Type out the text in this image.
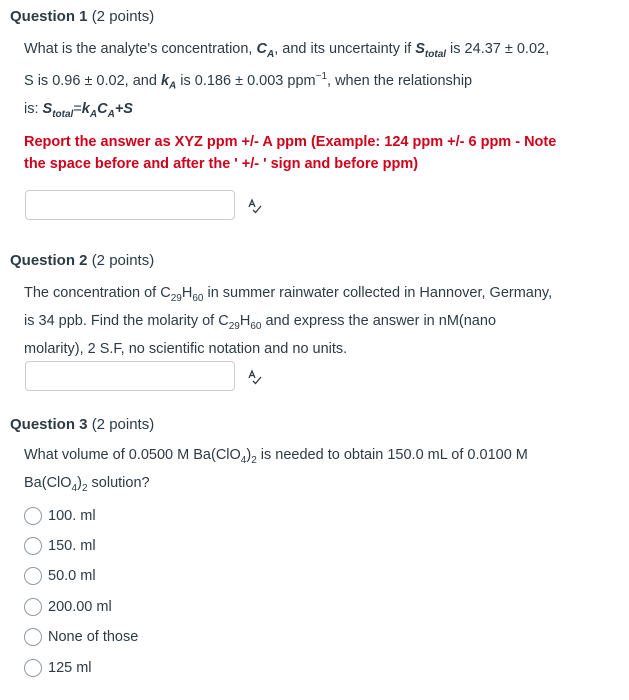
Question 1 (2 points)
What is the analyte's concentration, $C_A$, and its uncertainty if $S_{total}$ is 24.37 ± 0.02,
S is 0.96 ± 0.02, and $k_A$ is 0.186 ± 0.003 ppm$^{-1}$, when the relationship
is: $S_{total}=k_AC_A+S$
Report the answer as XYZ ppm +/- A ppm (Example: 124 ppm +/- 6 ppm - Note
the space before and after the ' +/- ' sign and before ppm)
Question 2 (2 points)
The concentration of $C_{29}H_{60}$ in summer rainwater collected in Hannover, Germany,
is 34 ppb. Find the molarity of $C_{29}H_{60}$ and express the answer in nM(nano
molarity), 2 S.F, no scientific notation and no units.
Question 3 (2 points)
What volume of 0.0500 M $Ba(ClO_4)_2$ is needed to obtain 150.0 mL of 0.0100 M
$Ba(ClO_4)_2$ solution?
100. ml
150. ml
50.0 ml
200.00 ml
None of those
125 ml
